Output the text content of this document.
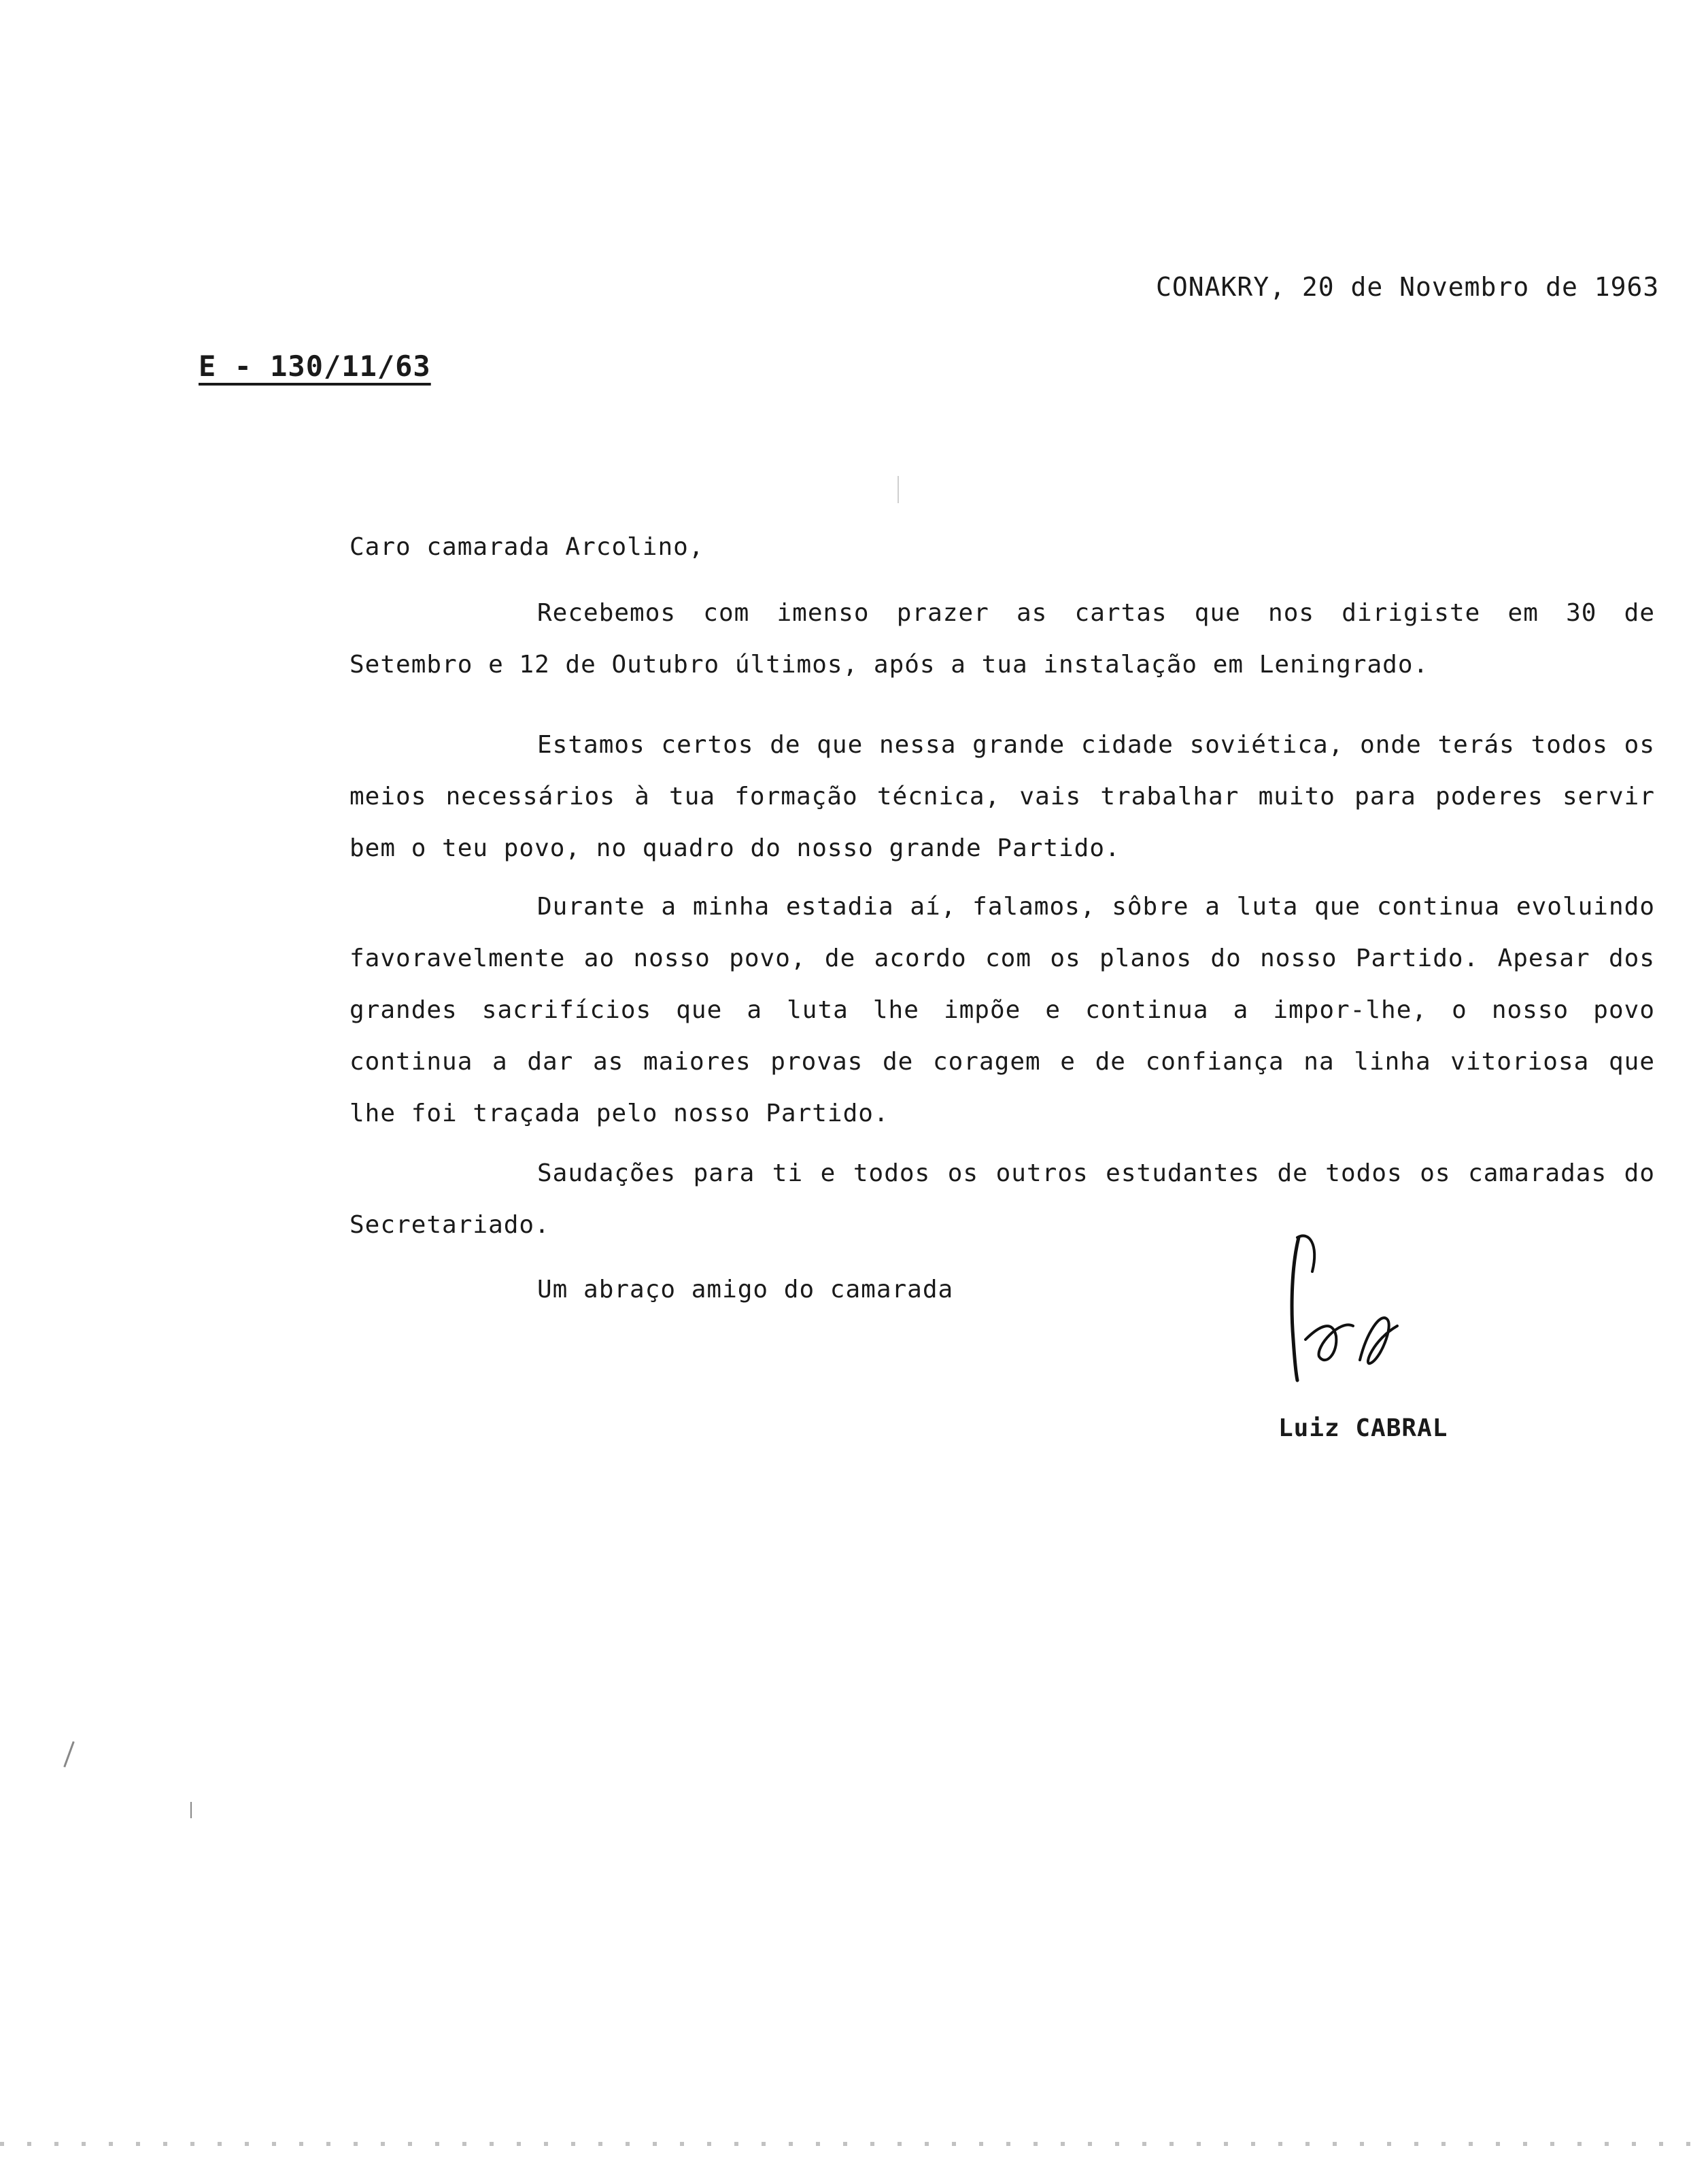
CONAKRY, 20 de Novembro de 1963
E - 130/11/63
Caro camarada Arcolino,
Recebemos com imenso prazer as cartas que nos dirigiste em 30 de Setembro e 12 de Outubro últimos, após a tua instalação em Leningrado.
Estamos certos de que nessa grande cidade soviética, onde terás todos os meios necessários à tua formação técnica, vais trabalhar muito para poderes servir bem o teu povo, no quadro do nosso grande Partido.
Durante a minha estadia aí, falamos, sôbre a luta que continua evoluindo favoravelmente ao nosso povo, de acordo com os planos do nosso Partido. Apesar dos grandes sacrifícios que a luta lhe impõe e continua a impor-lhe, o nosso povo continua a dar as maiores provas de coragem e de confiança na linha vitoriosa que lhe foi traçada pelo nosso Partido.
Saudações para ti e todos os outros estudantes de todos os camaradas do Secretariado.
Um abraço amigo do camarada
Luiz CABRAL
